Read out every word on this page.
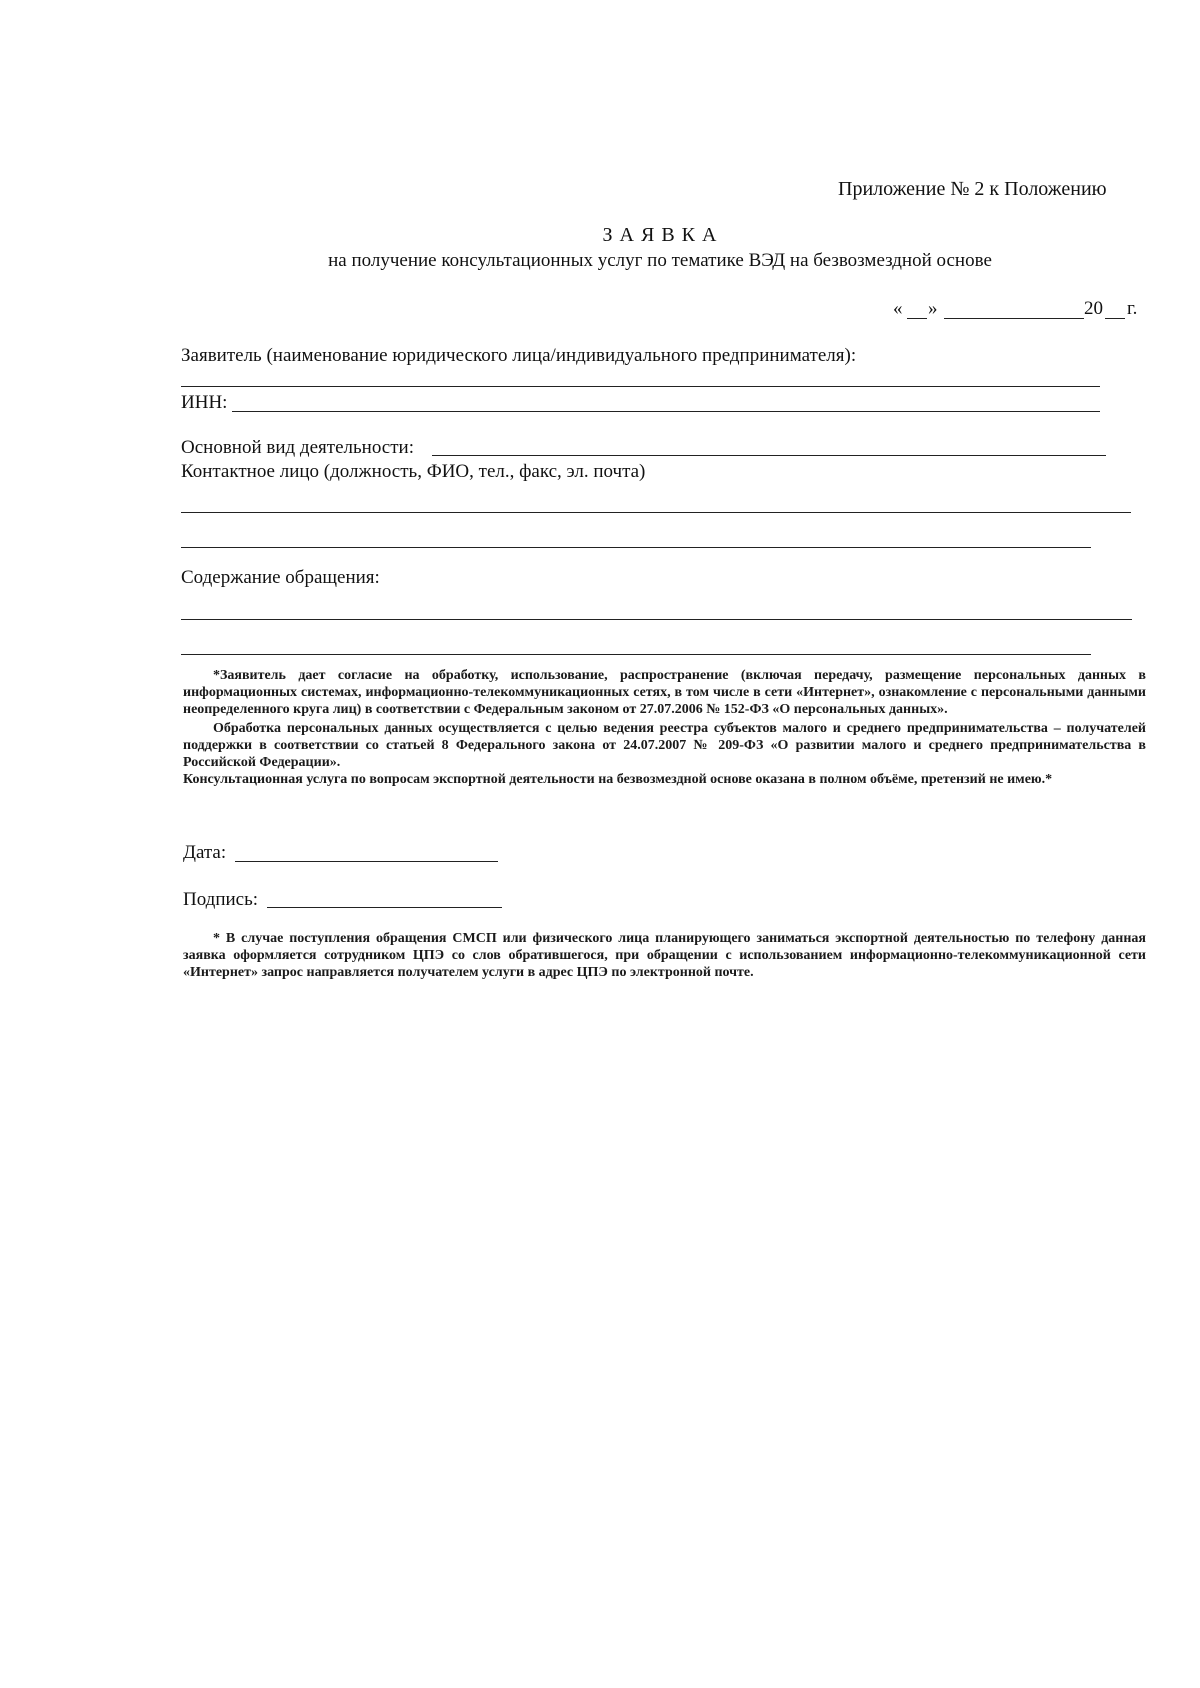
Приложение № 2 к Положению
З А Я В К А
на получение консультационных услуг по тематике ВЭД на безвозмездной основе
« »	20 г.
Заявитель (наименование юридического лица/индивидуального предпринимателя):
ИНН:
Основной вид деятельности:
Контактное лицо (должность, ФИО, тел., факс, эл. почта)
Содержание обращения:

*Заявитель дает согласие на обработку, использование, распространение (включая передачу, размещение персональных данных в информационных системах, информационно-телекоммуникационных сетях, в том числе в сети «Интернет», ознакомление с персональными данными неопределенного круга лиц) в соответствии с Федеральным законом от 27.07.2006 № 152-ФЗ «О персональных данных».

Обработка персональных данных осуществляется с целью ведения реестра субъектов малого и среднего предпринимательства – получателей поддержки в соответствии со статьей 8 Федерального закона от 24.07.2007 № 209-ФЗ «О развитии малого и среднего предпринимательства в Российской Федерации».

Консультационная услуга по вопросам экспортной деятельности на безвозмездной основе оказана в полном объёме, претензий не имею.*

Дата:
Подпись:

* В случае поступления обращения СМСП или физического лица планирующего заниматься экспортной деятельностью по телефону данная заявка оформляется сотрудником ЦПЭ со слов обратившегося, при обращении с использованием информационно-телекоммуникационной сети «Интернет» запрос направляется получателем услуги в адрес ЦПЭ по электронной почте.
